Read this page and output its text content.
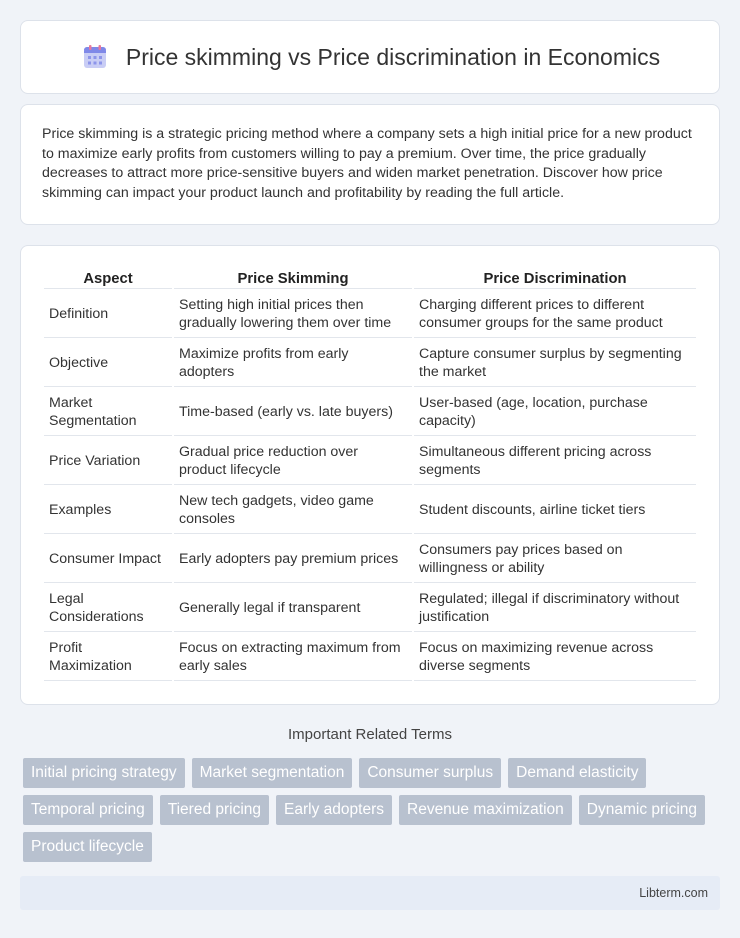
Price skimming vs Price discrimination in Economics

Price skimming is a strategic pricing method where a company sets a high initial price for a new product to maximize early profits from customers willing to pay a premium. Over time, the price gradually decreases to attract more price-sensitive buyers and widen market penetration. Discover how price skimming can impact your product launch and profitability by reading the full article.

Aspect	Price Skimming	Price Discrimination
Definition	Setting high initial prices then gradually lowering them over time	Charging different prices to different consumer groups for the same product
Objective	Maximize profits from early adopters	Capture consumer surplus by segmenting the market
Market Segmentation	Time-based (early vs. late buyers)	User-based (age, location, purchase capacity)
Price Variation	Gradual price reduction over product lifecycle	Simultaneous different pricing across segments
Examples	New tech gadgets, video game consoles	Student discounts, airline ticket tiers
Consumer Impact	Early adopters pay premium prices	Consumers pay prices based on willingness or ability
Legal Considerations	Generally legal if transparent	Regulated; illegal if discriminatory without justification
Profit Maximization	Focus on extracting maximum from early sales	Focus on maximizing revenue across diverse segments
Important Related Terms
Initial pricing strategy	Market segmentation	Consumer surplus	Demand elasticity
Temporal pricing	Tiered pricing	Early adopters	Revenue maximization	Dynamic pricing
Product lifecycle
Libterm.com
